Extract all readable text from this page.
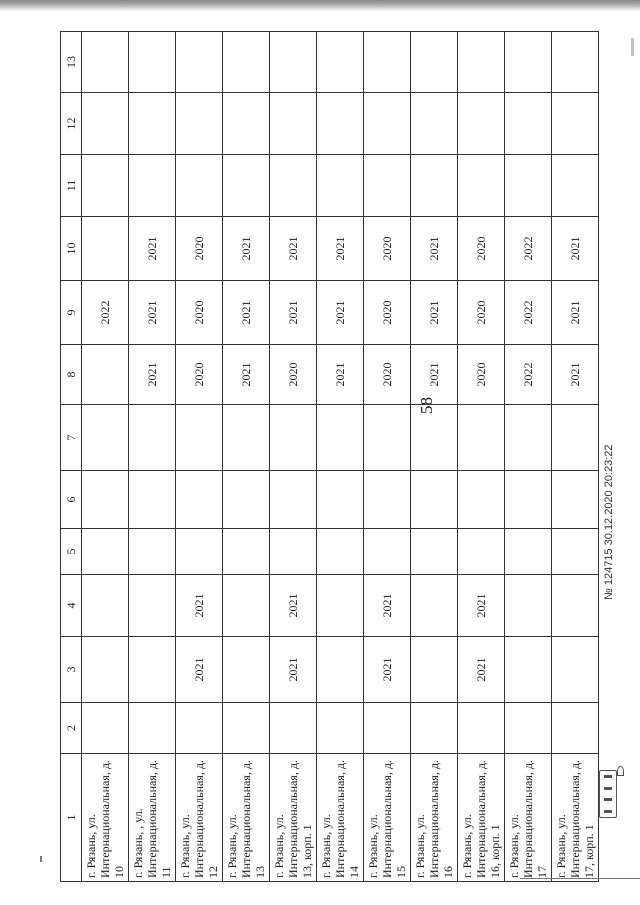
58
1	2	3	4	5	6	7	8	9	10	11	12	13
г. Рязань, ул. Интернациональная, д. 10								2022				
г. Рязань, , ул. Интернациональная, д. 11							2021	2021	2021			
г. Рязань, ул. Интернациональная, д. 12		2021	2021				2020	2020	2020			
г. Рязань, ул. Интернациональная, д. 13							2021	2021	2021			
г. Рязань, ул. Интернациональная, д. 13, корп. 1		2021	2021				2020	2021	2021			
г. Рязань, ул. Интернациональная, д. 14							2021	2021	2021			
г. Рязань, ул. Интернациональная, д. 15		2021	2021				2020	2020	2020			
г. Рязань, ул. Интернациональная, д. 16							2021	2021	2021			
г. Рязань, ул. Интернациональная, д. 16, корп. 1		2021	2021				2020	2020	2020			
г. Рязань, ул. Интернациональная, д. 17							2022	2022	2022			
г. Рязань, ул. Интернациональная, д. 17, корп. 1							2021	2021	2021			
№ 124715 30.12.2020 20:23:22
